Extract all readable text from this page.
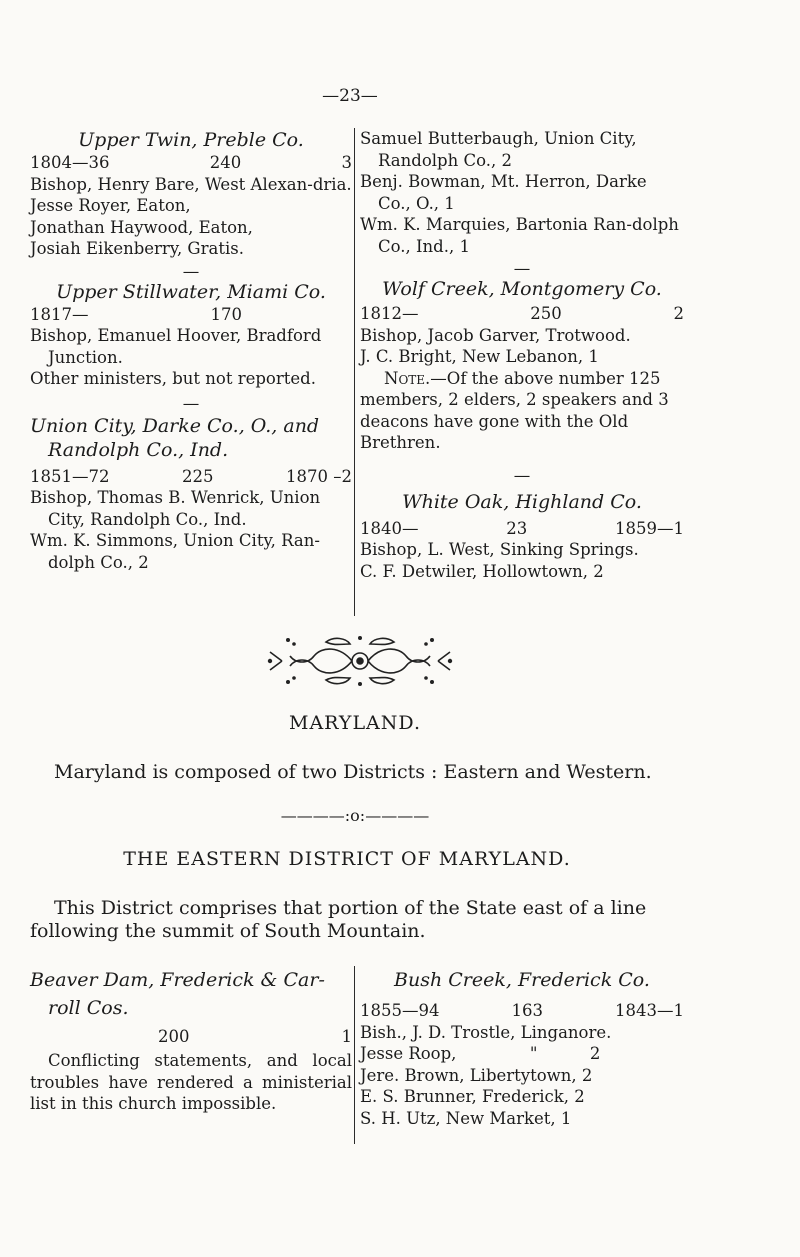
—23—
Upper Twin, Preble Co.
1804—36	240	3
Bishop, Henry Bare, West Alexan-dria.
Jesse Royer, Eaton,
Jonathan Haywood, Eaton,
Josiah Eikenberry, Gratis.
—
Upper Stillwater, Miami Co.
1817—	170
Bishop, Emanuel Hoover, Bradford Junction.
Other ministers, but not reported.
—
Union City, Darke Co., O., and
Randolph Co., Ind.
1851—72	225	1870 –2
Bishop, Thomas B. Wenrick, Union City, Randolph Co., Ind.
Wm. K. Simmons, Union City, Ran-dolph Co., 2
Samuel Butterbaugh, Union City, Randolph Co., 2
Benj. Bowman, Mt. Herron, Darke Co., O., 1
Wm. K. Marquies, Bartonia Ran-dolph Co., Ind., 1
—
Wolf Creek, Montgomery Co.
1812—	250	2
Bishop, Jacob Garver, Trotwood.
J. C. Bright, New Lebanon, 1
Note.—Of the above number 125 members, 2 elders, 2 speakers and 3 deacons have gone with the Old Brethren.
—
White Oak, Highland Co.
1840—	23	1859—1
Bishop, L. West, Sinking Springs.
C. F. Detwiler, Hollowtown, 2
MARYLAND.
Maryland is composed of two Districts : Eastern and Western.
————:o:————
THE EASTERN DISTRICT OF MARYLAND.
This District comprises that portion of the State east of a line
following the summit of South Mountain.
Beaver Dam, Frederick & Car-
roll Cos.
200	1
Conflicting statements, and local troubles have rendered a ministerial list in this church impossible.
Bush Creek, Frederick Co.
1855—94	163	1843—1
Bish., J. D. Trostle, Linganore.
Jesse Roop,              "          2
Jere. Brown, Libertytown, 2
E. S. Brunner, Frederick, 2
S. H. Utz, New Market, 1
